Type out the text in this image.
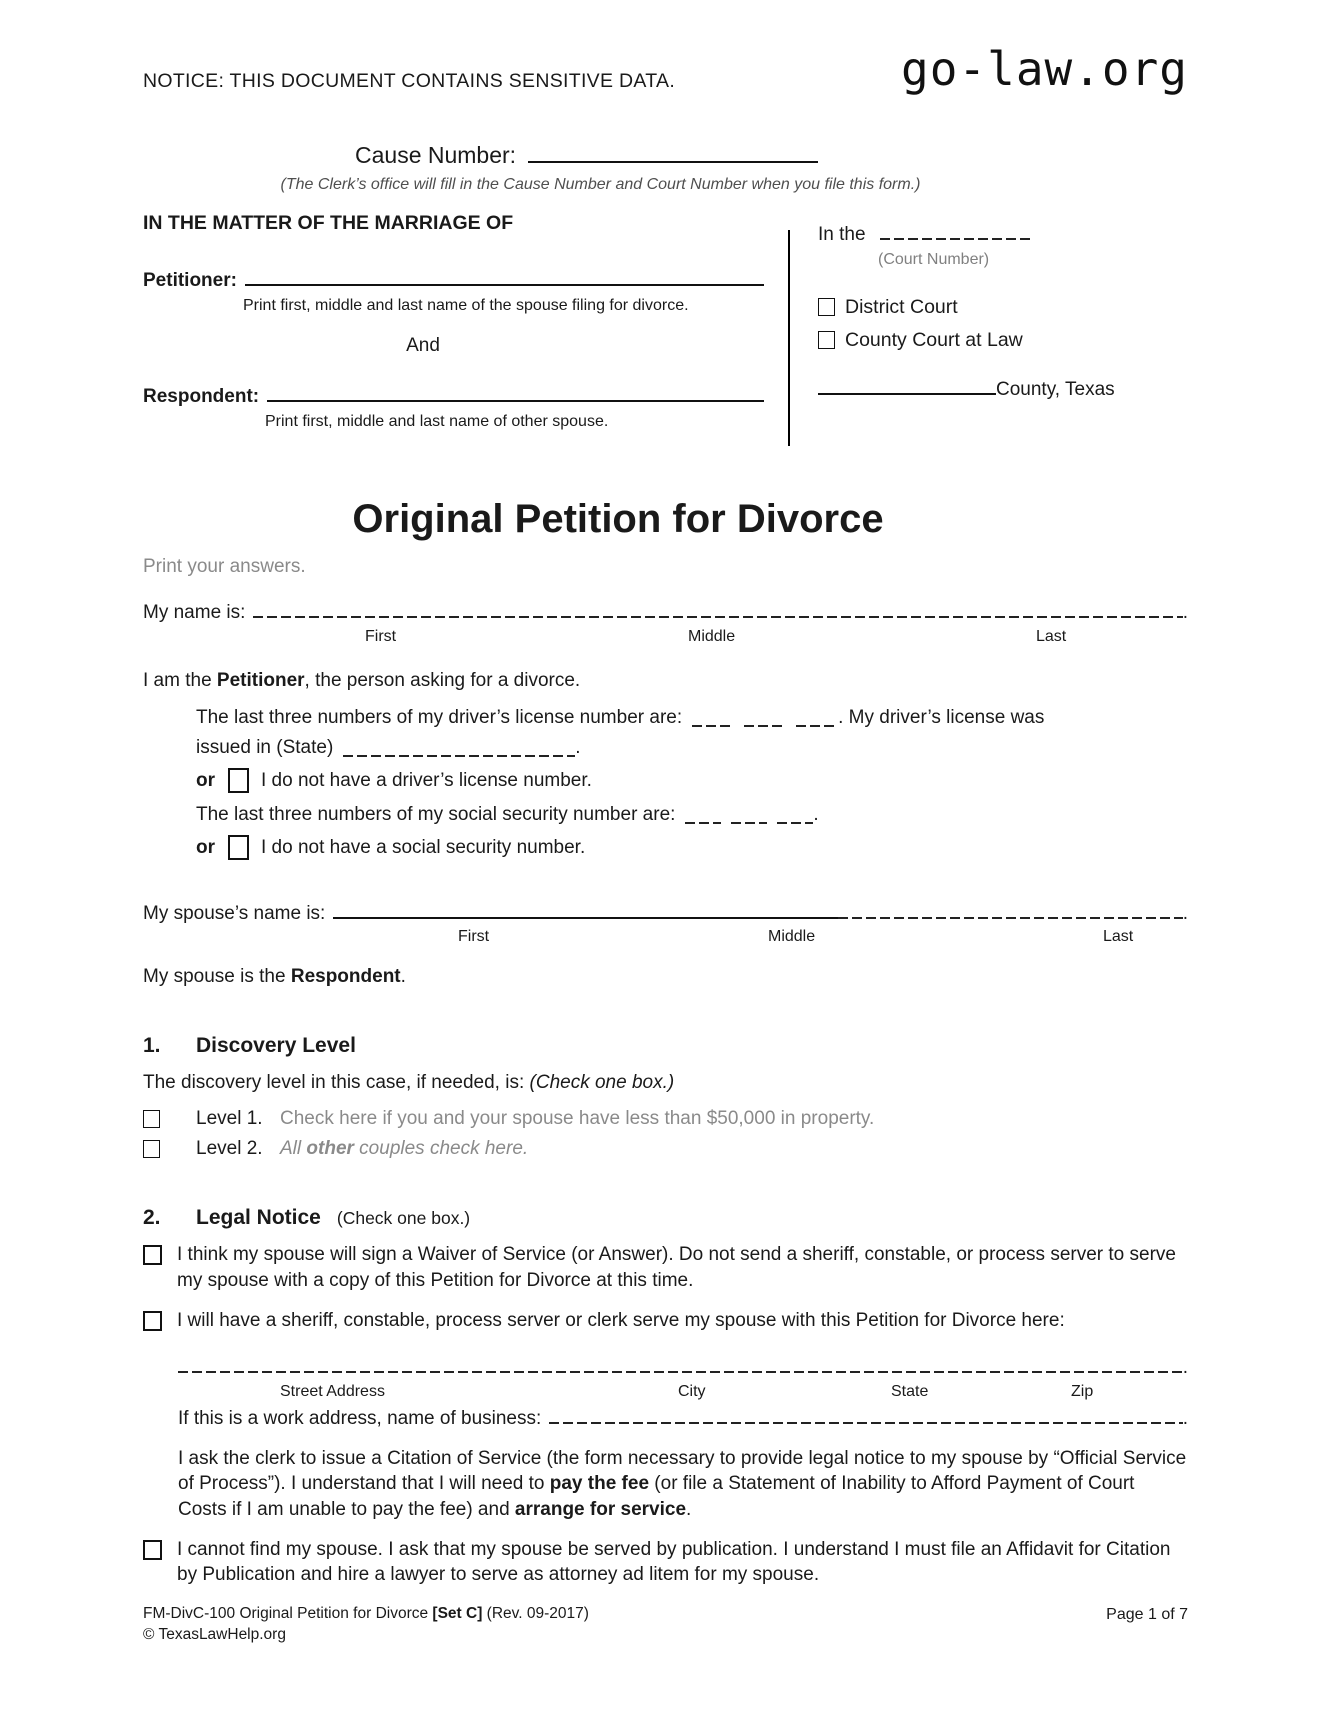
NOTICE: THIS DOCUMENT CONTAINS SENSITIVE DATA.	go-law.org
Cause Number:
(The Clerk’s office will fill in the Cause Number and Court Number when you file this form.)
IN THE MATTER OF THE MARRIAGE OF
Petitioner:
Print first, middle and last name of the spouse filing for divorce.
And
Respondent:
Print first, middle and last name of other spouse.
In the
(Court Number)
District Court
County Court at Law
County, Texas
Original Petition for Divorce
Print your answers.
My name is:	.
First	Middle	Last
I am the Petitioner, the person asking for a divorce.
The last three numbers of my driver’s license number are:	. My driver’s license was
issued in (State)	.
or I do not have a driver’s license number.
The last three numbers of my social security number are:	.
or I do not have a social security number.
My spouse’s name is:	.
First	Middle	Last
My spouse is the Respondent.
1.	Discovery Level
The discovery level in this case, if needed, is: (Check one box.)
Level 1. Check here if you and your spouse have less than $50,000 in property.
Level 2. All other couples check here.
2.	Legal Notice (Check one box.)
I think my spouse will sign a Waiver of Service (or Answer). Do not send a sheriff, constable, or process server to serve my spouse with a copy of this Petition for Divorce at this time.
I will have a sheriff, constable, process server or clerk serve my spouse with this Petition for Divorce here:
.
Street Address	City	State	Zip
If this is a work address, name of business:	.
I ask the clerk to issue a Citation of Service (the form necessary to provide legal notice to my spouse by “Official Service of Process”). I understand that I will need to pay the fee (or file a Statement of Inability to Afford Payment of Court Costs if I am unable to pay the fee) and arrange for service.
I cannot find my spouse. I ask that my spouse be served by publication. I understand I must file an Affidavit for Citation by Publication and hire a lawyer to serve as attorney ad litem for my spouse.
FM-DivC-100 Original Petition for Divorce [Set C] (Rev. 09-2017)
© TexasLawHelp.org
Page 1 of 7
